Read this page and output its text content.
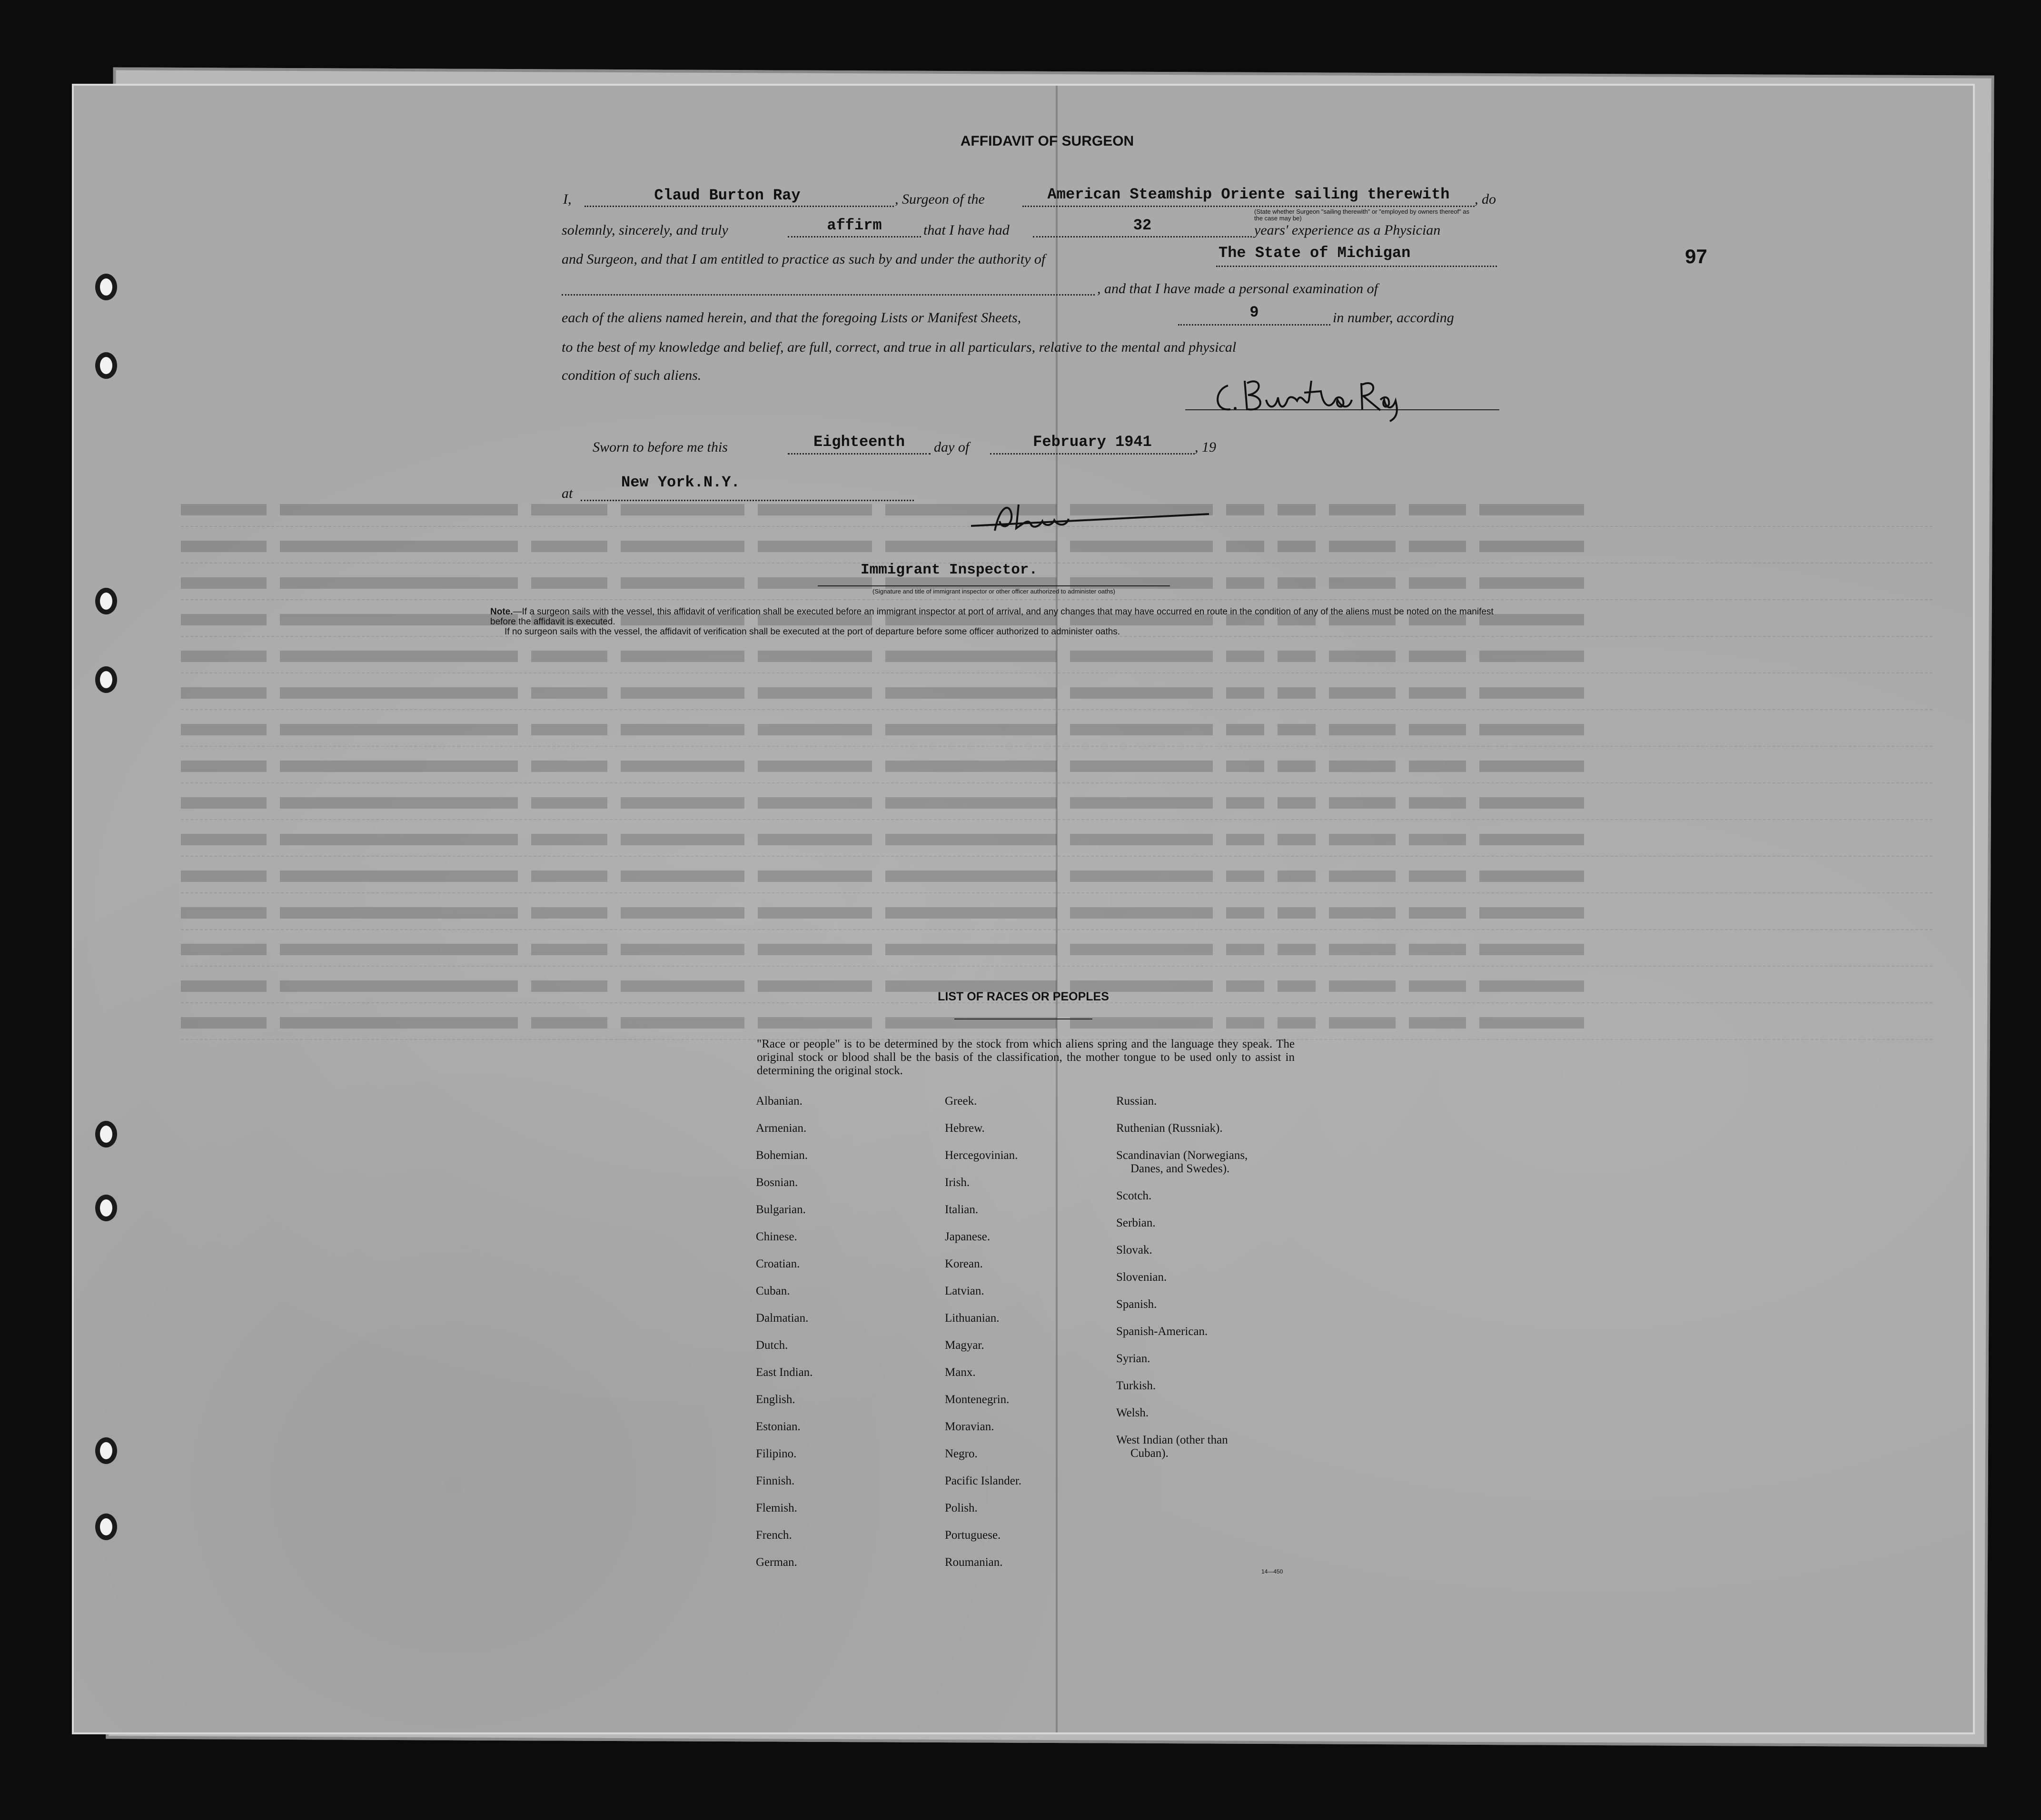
AFFIDAVIT OF SURGEON
97
I,	Claud Burton Ray	, Surgeon of the	American Steamship Oriente sailing therewith
(State whether Surgeon "sailing therewith" or "employed by owners thereof" as the case may be)
, do
solemnly, sincerely, and truly	affirm	that I have had	32	years' experience as a Physician
and Surgeon, and that I am entitled to practice as such by and under the authority of	The State of Michigan
, and that I have made a personal examination of
each of the aliens named herein, and that the foregoing Lists or Manifest Sheets,	9	in number, according
to the best of my knowledge and belief, are full, correct, and true in all particulars, relative to the mental and physical
condition of such aliens.
Sworn to before me this	Eighteenth	day of	February 1941	, 19
at
New York.N.Y.
Immigrant Inspector.
(Signature and title of immigrant inspector or other officer authorized to administer oaths)
Note.—If a surgeon sails with the vessel, this affidavit of verification shall be executed before an immigrant inspector at port of arrival, and any changes that may have occurred en route in the condition of any of the aliens must be noted on the manifest before the affidavit is executed.
If no surgeon sails with the vessel, the affidavit of verification shall be executed at the port of departure before some officer authorized to administer oaths.
LIST OF RACES OR PEOPLES
"Race or people" is to be determined by the stock from which aliens spring and the language they speak. The original stock or blood shall be the basis of the classification, the mother tongue to be used only to assist in determining the original stock.
Albanian.
Armenian.
Bohemian.
Bosnian.
Bulgarian.
Chinese.
Croatian.
Cuban.
Dalmatian.
Dutch.
East Indian.
English.
Estonian.
Filipino.
Finnish.
Flemish.
French.
German.
Greek.
Hebrew.
Hercegovinian.
Irish.
Italian.
Japanese.
Korean.
Latvian.
Lithuanian.
Magyar.
Manx.
Montenegrin.
Moravian.
Negro.
Pacific Islander.
Polish.
Portuguese.
Roumanian.
Russian.
Ruthenian (Russniak).
Scandinavian (Norwegians,
Danes, and Swedes).
Scotch.
Serbian.
Slovak.
Slovenian.
Spanish.
Spanish-American.
Syrian.
Turkish.
Welsh.
West Indian (other than
Cuban).
14—450
